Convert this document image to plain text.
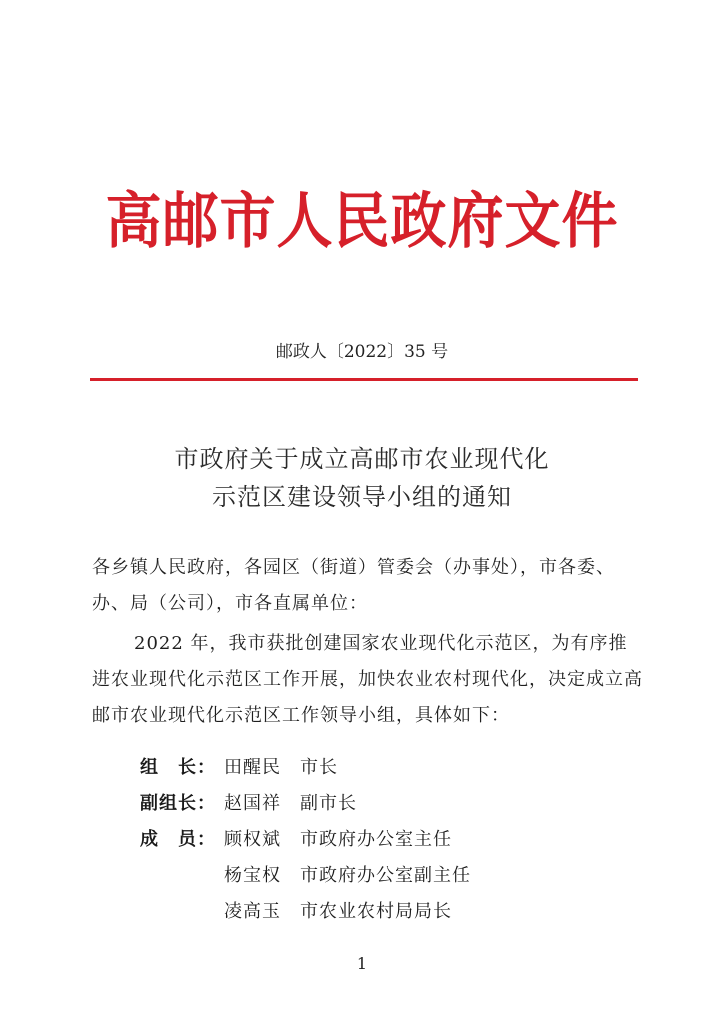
高邮市人民政府文件
邮政人〔2022〕35 号
市政府关于成立高邮市农业现代化
示范区建设领导小组的通知
各乡镇人民政府，各园区（街道）管委会（办事处），市各委、办、局（公司），市各直属单位：
2022 年，我市获批创建国家农业现代化示范区，为有序推进农业现代化示范区工作开展，加快农业农村现代化，决定成立高邮市农业现代化示范区工作领导小组，具体如下：
组　长： 田醒民 市长
副组长： 赵国祥 副市长
成　员： 顾权斌 市政府办公室主任
杨宝权 市政府办公室副主任
凌高玉 市农业农村局局长
1
